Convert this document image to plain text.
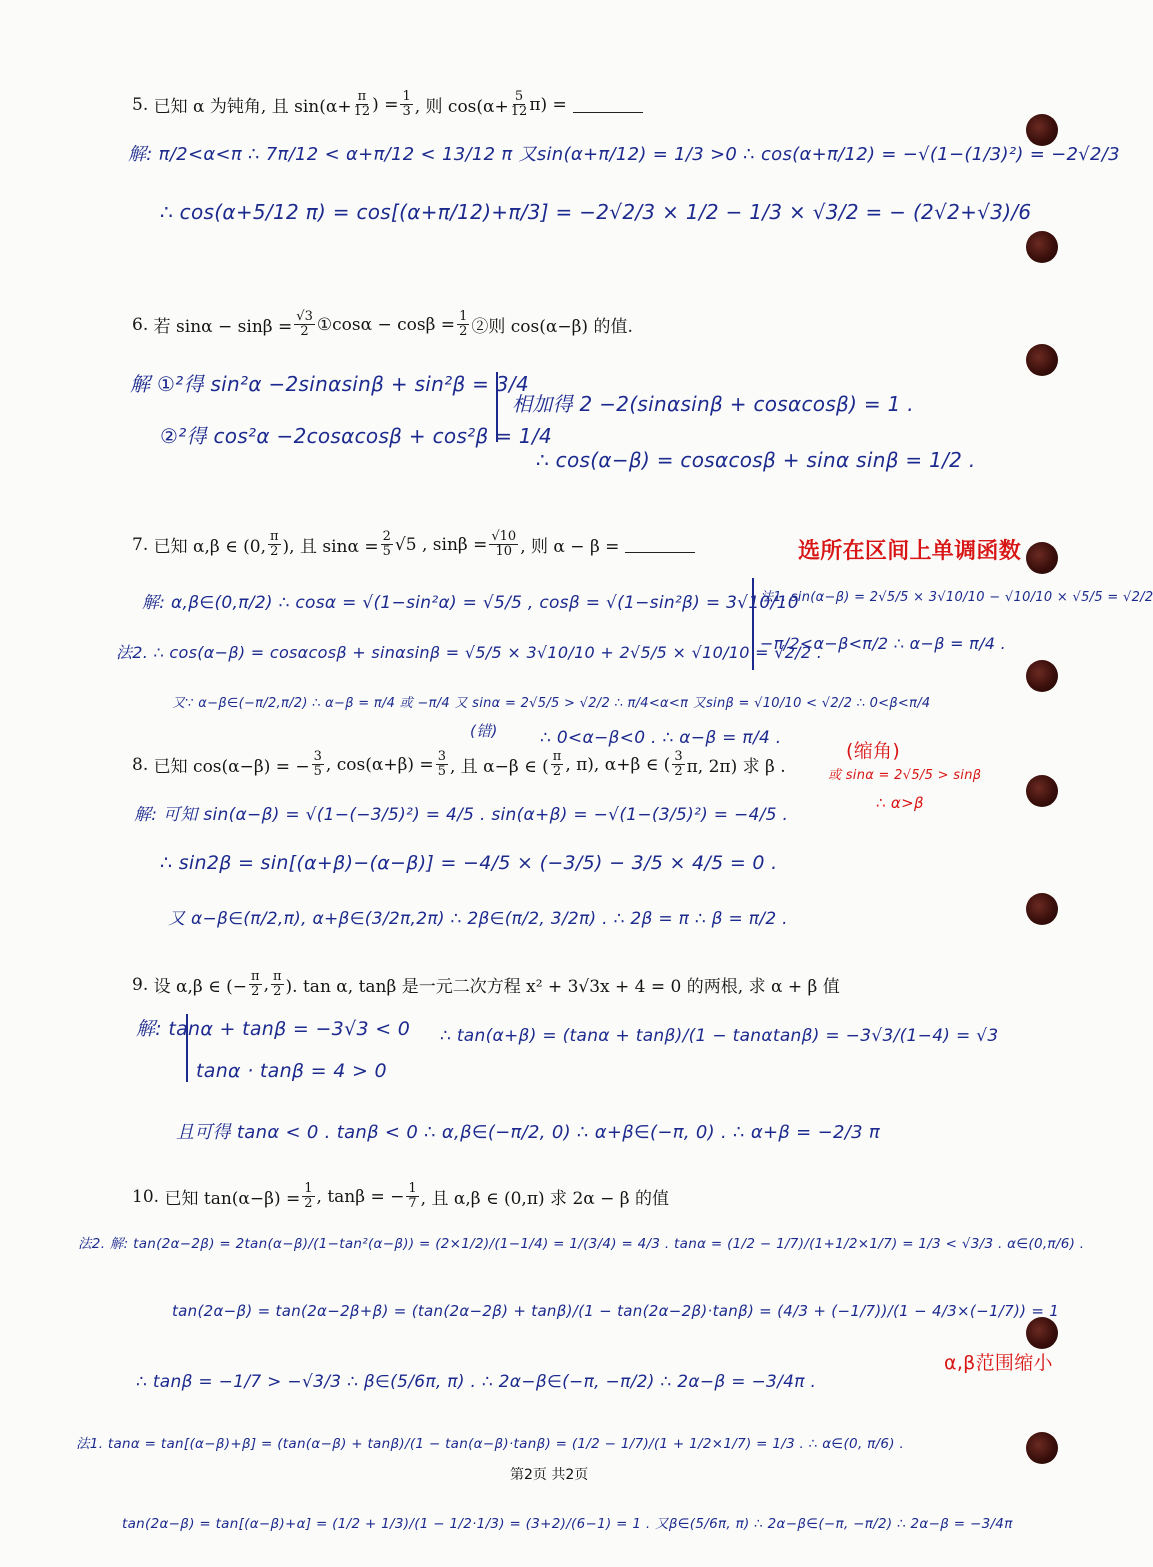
5.
已知 α 为钝角, 且 $\sin(\alpha+ \frac{\pi}{12}$ ) = $\frac{1}{3}$ , 则 $\cos(\alpha+ \frac{5}{12} \pi)$ =
解: π/2<α<π ∴ 7π/12 < α+π/12 < 13/12 π 又sin(α+π/12) = 1/3 >0 ∴ cos(α+π/12) = −√(1−(1/3)²) = −2√2/3
∴ cos(α+5/12 π) = cos[(α+π/12)+π/3] = −2√2/3 × 1/2 − 1/3 × √3/2 = − (2√2+√3)/6
6.
若 $\sin\alpha - \sin\beta = \frac{√3}{2}$ ①cosα − $\cos\beta = \frac{1}{2}$ ②则 cos(α−β) 的值.
解 ①²得 sin²α −2sinαsinβ + sin²β = 3/4
②²得 cos²α −2cosαcosβ + cos²β = 1/4
相加得 2 −2(sinαsinβ + cosαcosβ) = 1 .
∴ cos(α−β) = cosαcosβ + sinα sinβ = 1/2 .
7.
已知 α,β ∈ (0, $\frac{\pi}{2}$ ), 且 $\sin\alpha = \frac{2}{5} √5$ , $\sin\beta = \frac{√10}{10}$ , 则 α − β =	选所在区间上单调函数
解: α,β∈(0,π/2) ∴ cosα = √(1−sin²α) = √5/5 , cosβ = √(1−sin²β) = 3√10/10
法1. sin(α−β) = 2√5/5 × 3√10/10 − √10/10 × √5/5 = √2/2
−π/2<α−β<π/2 ∴ α−β = π/4 .
法2. ∴ cos(α−β) = cosαcosβ + sinαsinβ = √5/5 × 3√10/10 + 2√5/5 × √10/10 = √2/2 .
又∵ α−β∈(−π/2,π/2) ∴ α−β = π/4 或 −π/4 又 sinα = 2√5/5 > √2/2 ∴ π/4<α<π 又sinβ = √10/10 < √2/2 ∴ 0<β<π/4
(错) ∴ 0<α−β<0 . ∴ α−β = π/4 .
(缩角)
或 sinα = 2√5/5 > sinβ
∴ α>β
8.
已知 cos(α−β) = − $\frac{3}{5}$ , $\cos(\alpha+\beta) = \frac{3}{5}$ , 且 α−β ∈ ( $\frac{\pi}{2}$ , π), α+β ∈ ( $\frac{3}{2} \pi$, 2π) 求 β .
解: 可知 sin(α−β) = √(1−(−3/5)²) = 4/5 . sin(α+β) = −√(1−(3/5)²) = −4/5 .
∴ sin2β = sin[(α+β)−(α−β)] = −4/5 × (−3/5) − 3/5 × 4/5 = 0 .
又 α−β∈(π/2,π), α+β∈(3/2π,2π) ∴ 2β∈(π/2, 3/2π) . ∴ 2β = π ∴ β = π/2 .
9.
设 α,β ∈ (− $\frac{\pi}{2}$ , $\frac{\pi}{2}$ ). tan α, tanβ 是一元二次方程 x² + 3√3x + 4 = 0 的两根, 求 α + β 值
解: tanα + tanβ = −3√3 < 0
tanα · tanβ = 4 > 0
∴ tan(α+β) = (tanα + tanβ)/(1 − tanαtanβ) = −3√3/(1−4) = √3
且可得 tanα < 0 . tanβ < 0 ∴ α,β∈(−π/2, 0) ∴ α+β∈(−π, 0) . ∴ α+β = −2/3 π
10.
已知 $\tan(\alpha-\beta) = \frac{1}{2}$ , tanβ = − $\frac{1}{7}$ , 且 α,β ∈ (0,π) 求 2α − β 的值
法2. 解: tan(2α−2β) = 2tan(α−β)/(1−tan²(α−β)) = (2×1/2)/(1−1/4) = 1/(3/4) = 4/3 . tanα = (1/2 − 1/7)/(1+1/2×1/7) = 1/3 < √3/3 . α∈(0,π/6) .
tan(2α−β) = tan(2α−2β+β) = (tan(2α−2β) + tanβ)/(1 − tan(2α−2β)·tanβ) = (4/3 + (−1/7))/(1 − 4/3×(−1/7)) = 1
α,β范围缩小
∴ tanβ = −1/7 > −√3/3 ∴ β∈(5/6π, π) . ∴ 2α−β∈(−π, −π/2) ∴ 2α−β = −3/4π .
法1. tanα = tan[(α−β)+β] = (tan(α−β) + tanβ)/(1 − tan(α−β)·tanβ) = (1/2 − 1/7)/(1 + 1/2×1/7) = 1/3 . ∴ α∈(0, π/6) .
tan(2α−β) = tan[(α−β)+α] = (1/2 + 1/3)/(1 − 1/2·1/3) = (3+2)/(6−1) = 1 . 又β∈(5/6π, π) ∴ 2α−β∈(−π, −π/2) ∴ 2α−β = −3/4π
第2页 共2页
